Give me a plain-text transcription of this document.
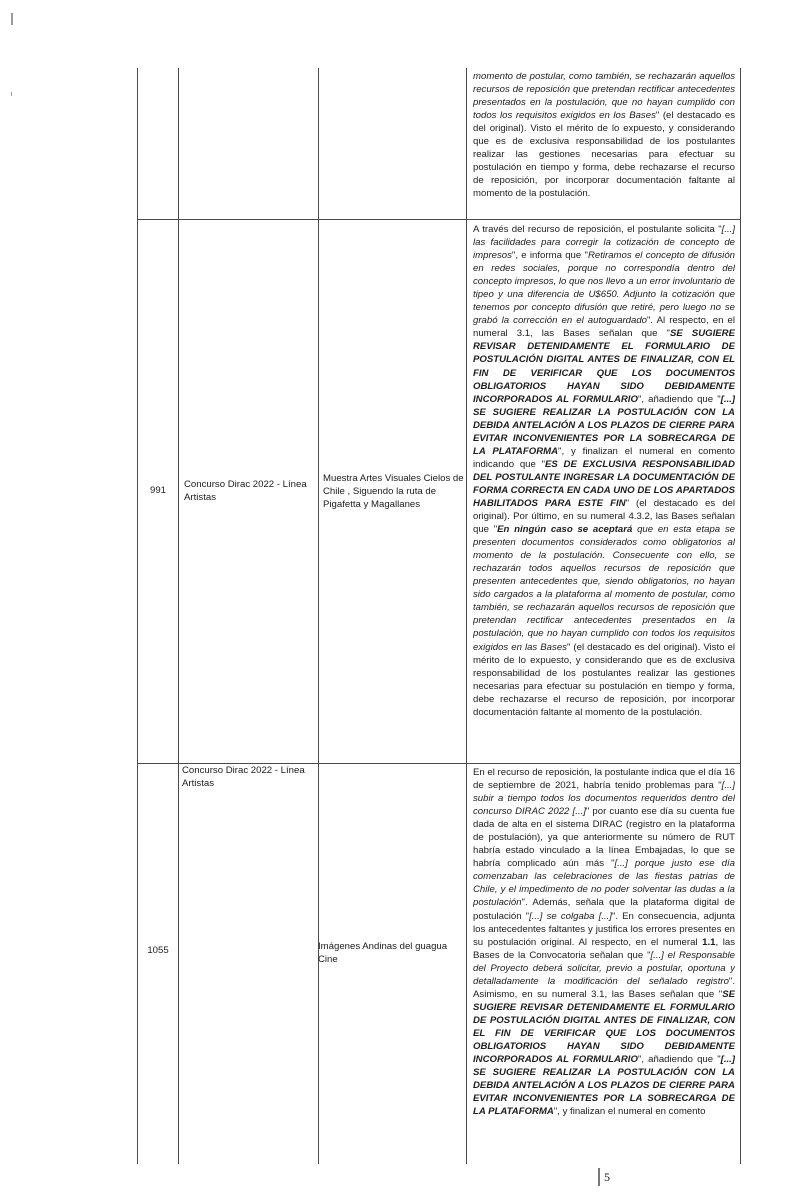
momento de postular, como también, se rechazarán aquellos recursos de reposición que pretendan rectificar antecedentes presentados en la postulación, que no hayan cumplido con todos los requisitos exigidos en los Bases" (el destacado es del original). Visto el mérito de lo expuesto, y considerando que es de exclusiva responsabilidad de los postulantes realizar las gestiones necesarias para efectuar su postulación en tiempo y forma, debe rechazarse el recurso de reposición, por incorporar documentación faltante al momento de la postulación.

991
Concurso Dirac 2022 - Línea Artistas
Muestra Artes Visuales Cielos de Chile , Siguendo la ruta de Pigafetta y Magallanes

A través del recurso de reposición, el postulante solicita "[...] las facilidades para corregir la cotización de concepto de impresos", e informa que "Retiramos el concepto de difusión en redes sociales, porque no correspondía dentro del concepto impresos, lo que nos llevo a un error involuntario de tipeo y una diferencia de U$650. Adjunto la cotización que tenemos por concepto difusión que retiré, pero luego no se grabó la corrección en el autoguardado". Al respecto, en el numeral 3.1, las Bases señalan que "SE SUGIERE REVISAR DETENIDAMENTE EL FORMULARIO DE POSTULACIÓN DIGITAL ANTES DE FINALIZAR, CON EL FIN DE VERIFICAR QUE LOS DOCUMENTOS OBLIGATORIOS HAYAN SIDO DEBIDAMENTE INCORPORADOS AL FORMULARIO", añadiendo que "[...] SE SUGIERE REALIZAR LA POSTULACIÓN CON LA DEBIDA ANTELACIÓN A LOS PLAZOS DE CIERRE PARA EVITAR INCONVENIENTES POR LA SOBRECARGA DE LA PLATAFORMA", y finalizan el numeral en comento indicando que "ES DE EXCLUSIVA RESPONSABILIDAD DEL POSTULANTE INGRESAR LA DOCUMENTACIÓN DE FORMA CORRECTA EN CADA UNO DE LOS APARTADOS HABILITADOS PARA ESTE FIN" (el destacado es del original). Por último, en su numeral 4.3.2, las Bases señalan que "En ningún caso se aceptará que en esta etapa se presenten documentos considerados como obligatorios al momento de la postulación. Consecuente con ello, se rechazarán todos aquellos recursos de reposición que presenten antecedentes que, siendo obligatorios, no hayan sido cargados a la plataforma al momento de postular, como también, se rechazarán aquellos recursos de reposición que pretendan rectificar antecedentes presentados en la postulación, que no hayan cumplido con todos los requisitos exigidos en las Bases" (el destacado es del original). Visto el mérito de lo expuesto, y considerando que es de exclusiva responsabilidad de los postulantes realizar las gestiones necesarias para efectuar su postulación en tiempo y forma, debe rechazarse el recurso de reposición, por incorporar documentación faltante al momento de la postulación.

1055
Concurso Dirac 2022 - Línea Artistas
Imágenes Andinas del guagua Cine

En el recurso de reposición, la postulante indica que el día 16 de septiembre de 2021, habría tenido problemas para "[...] subir a tiempo todos los documentos requeridos dentro del concurso DIRAC 2022 [...]" por cuanto ese día su cuenta fue dada de alta en el sistema DIRAC (registro en la plataforma de postulación), ya que anteriormente su número de RUT habría estado vinculado a la línea Embajadas, lo que se habría complicado aún más "[...] porque justo ese día comenzaban las celebraciones de las fiestas patrias de Chile, y el impedimento de no poder solventar las dudas a la postulación". Además, señala que la plataforma digital de postulación "[...] se colgaba [...]". En consecuencia, adjunta los antecedentes faltantes y justifica los errores presentes en su postulación original. Al respecto, en el numeral 1.1, las Bases de la Convocatoria señalan que "[...] el Responsable del Proyecto deberá solicitar, previo a postular, oportuna y detalladamente la modificación del señalado registro". Asimismo, en su numeral 3.1, las Bases señalan que "SE SUGIERE REVISAR DETENIDAMENTE EL FORMULARIO DE POSTULACIÓN DIGITAL ANTES DE FINALIZAR, CON EL FIN DE VERIFICAR QUE LOS DOCUMENTOS OBLIGATORIOS HAYAN SIDO DEBIDAMENTE INCORPORADOS AL FORMULARIO", añadiendo que "[...] SE SUGIERE REALIZAR LA POSTULACIÓN CON LA DEBIDA ANTELACIÓN A LOS PLAZOS DE CIERRE PARA EVITAR INCONVENIENTES POR LA SOBRECARGA DE LA PLATAFORMA", y finalizan el numeral en comento

5
